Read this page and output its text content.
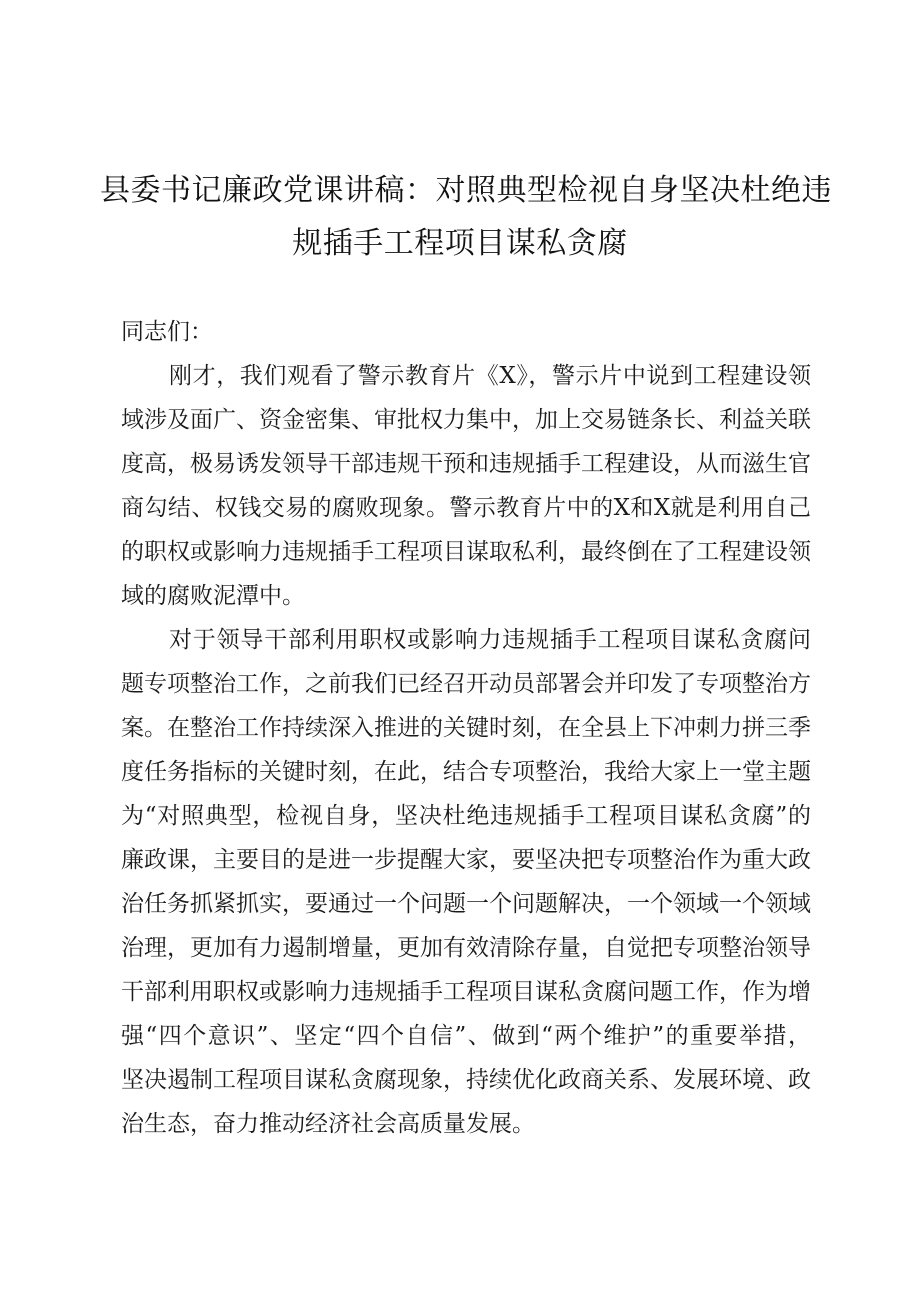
县委书记廉政党课讲稿：对照典型检视自身坚决杜绝违
规插手工程项目谋私贪腐

同志们：

刚才，我们观看了警示教育片《X》，警示片中说到工程建设领
域涉及面广、资金密集、审批权力集中，加上交易链条长、利益关联
度高，极易诱发领导干部违规干预和违规插手工程建设，从而滋生官
商勾结、权钱交易的腐败现象。警示教育片中的X和X就是利用自己
的职权或影响力违规插手工程项目谋取私利，最终倒在了工程建设领
域的腐败泥潭中。
对于领导干部利用职权或影响力违规插手工程项目谋私贪腐问
题专项整治工作，之前我们已经召开动员部署会并印发了专项整治方
案。在整治工作持续深入推进的关键时刻，在全县上下冲刺力拼三季
度任务指标的关键时刻，在此，结合专项整治，我给大家上一堂主题
为“对照典型，检视自身，坚决杜绝违规插手工程项目谋私贪腐”的
廉政课，主要目的是进一步提醒大家，要坚决把专项整治作为重大政
治任务抓紧抓实，要通过一个问题一个问题解决，一个领域一个领域
治理，更加有力遏制增量，更加有效清除存量，自觉把专项整治领导
干部利用职权或影响力违规插手工程项目谋私贪腐问题工作，作为增
强“四个意识”、坚定“四个自信”、做到“两个维护”的重要举措，
坚决遏制工程项目谋私贪腐现象，持续优化政商关系、发展环境、政
治生态，奋力推动经济社会高质量发展。
